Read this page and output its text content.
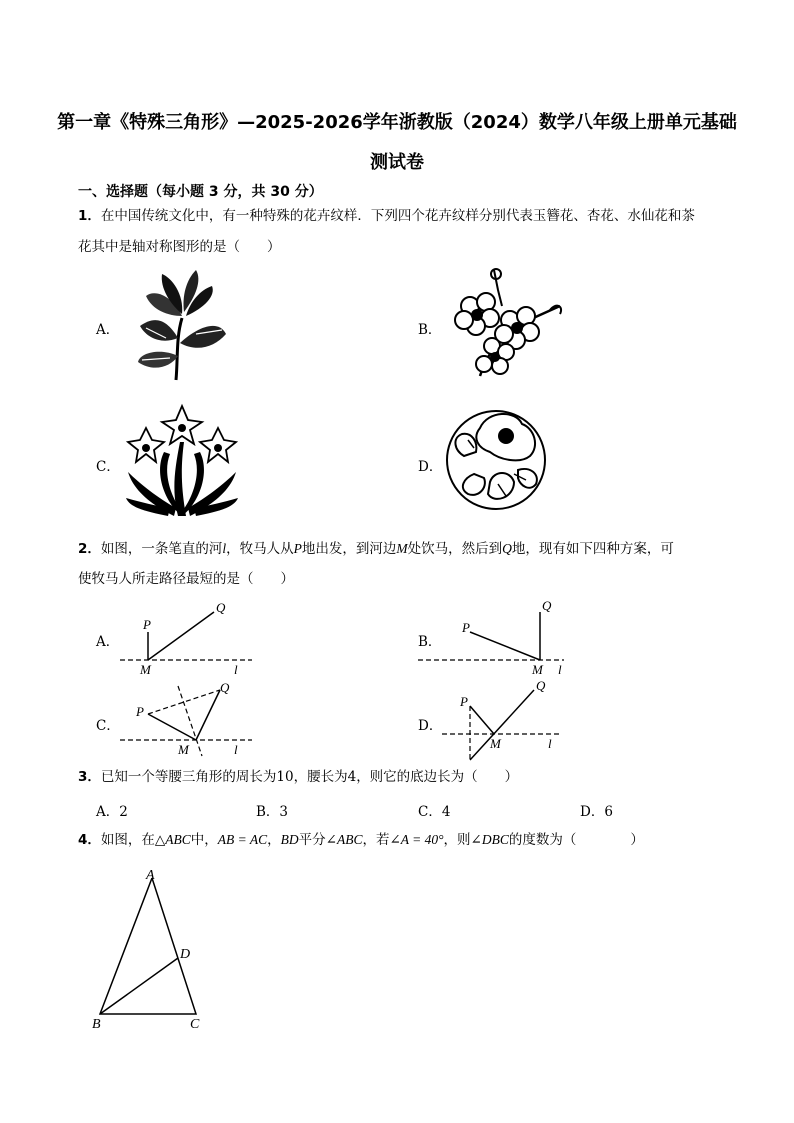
第一章《特殊三角形》—2025-2026学年浙教版（2024）数学八年级上册单元基础
测试卷
一、选择题（每小题 3 分，共 30 分）
1．在中国传统文化中，有一种特殊的花卉纹样．下列四个花卉纹样分别代表玉簪花、杏花、水仙花和茶
花其中是轴对称图形的是（　　）
A．	B．
C．	D．
2．如图，一条笔直的河l，牧马人从P地出发，到河边M处饮马，然后到Q地，现有如下四种方案，可
使牧马人所走路径最短的是（　　）
A．	B．
C．	D．
P
Q
M	l
P
Q
M l
P
Q
M	l
P
Q
M	l
3．已知一个等腰三角形的周长为10，腰长为4，则它的底边长为（　　）
A．2	B．3	C．4	D．6
4．如图，在△ABC中，AB = AC，BD平分∠ABC，若∠A = 40°，则∠DBC的度数为（　　　　）
A
B	C
D
